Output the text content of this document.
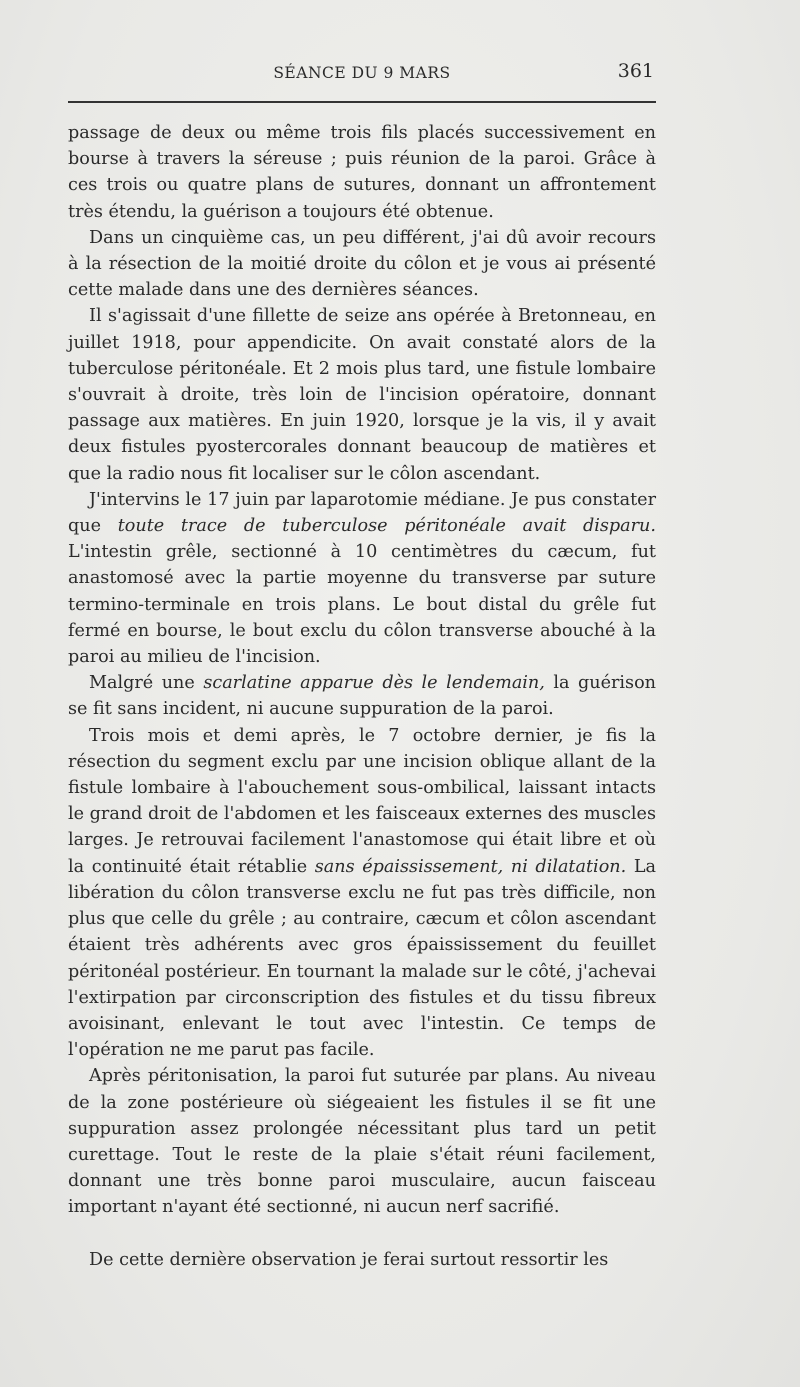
SÉANCE DU 9 MARS	361

passage de deux ou même trois fils placés successivement en bourse à travers la séreuse ; puis réunion de la paroi. Grâce à ces trois ou quatre plans de sutures, donnant un affrontement très étendu, la guérison a toujours été obtenue.

Dans un cinquième cas, un peu différent, j'ai dû avoir recours à la résection de la moitié droite du côlon et je vous ai présenté cette malade dans une des dernières séances.

Il s'agissait d'une fillette de seize ans opérée à Bretonneau, en juillet 1918, pour appendicite. On avait constaté alors de la tuberculose péritonéale. Et 2 mois plus tard, une fistule lombaire s'ouvrait à droite, très loin de l'incision opératoire, donnant passage aux matières. En juin 1920, lorsque je la vis, il y avait deux fistules pyostercorales donnant beaucoup de matières et que la radio nous fit localiser sur le côlon ascendant.

J'intervins le 17 juin par laparotomie médiane. Je pus constater que toute trace de tuberculose péritonéale avait disparu. L'intestin grêle, sectionné à 10 centimètres du cæcum, fut anastomosé avec la partie moyenne du transverse par suture termino-terminale en trois plans. Le bout distal du grêle fut fermé en bourse, le bout exclu du côlon transverse abouché à la paroi au milieu de l'incision.

Malgré une scarlatine apparue dès le lendemain, la guérison se fit sans incident, ni aucune suppuration de la paroi.

Trois mois et demi après, le 7 octobre dernier, je fis la résection du segment exclu par une incision oblique allant de la fistule lombaire à l'abouchement sous-ombilical, laissant intacts le grand droit de l'abdomen et les faisceaux externes des muscles larges. Je retrouvai facilement l'anastomose qui était libre et où la continuité était rétablie sans épaississement, ni dilatation. La libération du côlon transverse exclu ne fut pas très difficile, non plus que celle du grêle ; au contraire, cæcum et côlon ascendant étaient très adhérents avec gros épaississement du feuillet péritonéal postérieur. En tournant la malade sur le côté, j'achevai l'extirpation par circonscription des fistules et du tissu fibreux avoisinant, enlevant le tout avec l'intestin. Ce temps de l'opération ne me parut pas facile.

Après péritonisation, la paroi fut suturée par plans. Au niveau de la zone postérieure où siégeaient les fistules il se fit une suppuration assez prolongée nécessitant plus tard un petit curettage. Tout le reste de la plaie s'était réuni facilement, donnant une très bonne paroi musculaire, aucun faisceau important n'ayant été sectionné, ni aucun nerf sacrifié.

De cette dernière observation je ferai surtout ressortir les
